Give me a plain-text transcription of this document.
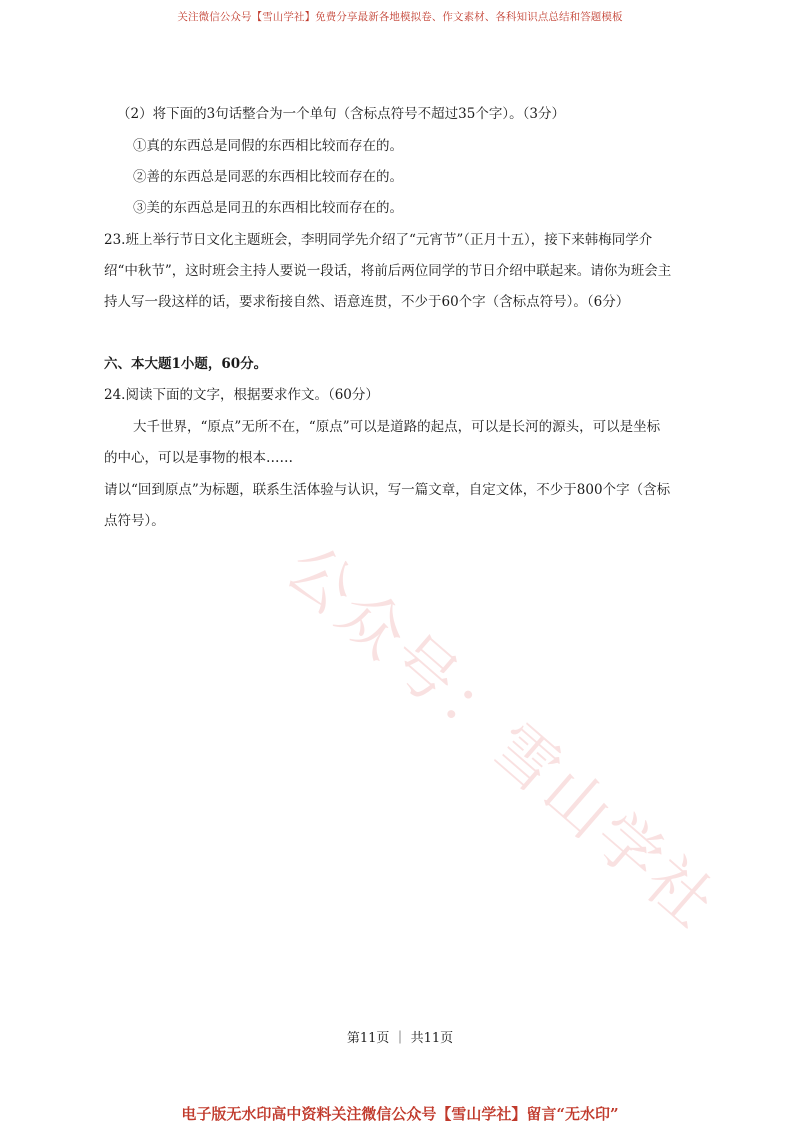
关注微信公众号【雪山学社】免费分享最新各地模拟卷、作文素材、各科知识点总结和答题模板
公众号：雪山学社
（2）将下面的3句话整合为一个单句（含标点符号不超过35个字）。（3分）
①真的东西总是同假的东西相比较而存在的。
②善的东西总是同恶的东西相比较而存在的。
③美的东西总是同丑的东西相比较而存在的。
23.班上举行节日文化主题班会，李明同学先介绍了“元宵节”（正月十五），接下来韩梅同学介
绍“中秋节”，这时班会主持人要说一段话，将前后两位同学的节日介绍中联起来。请你为班会主
持人写一段这样的话，要求衔接自然、语意连贯，不少于60个字（含标点符号）。（6分）
六、本大题1小题，60分。
24.阅读下面的文字，根据要求作文。（60分）
大千世界，“原点”无所不在，“原点”可以是道路的起点，可以是长河的源头，可以是坐标
的中心，可以是事物的根本……
请以“回到原点”为标题，联系生活体验与认识，写一篇文章，自定文体，不少于800个字（含标
点符号）。
第11页 ｜ 共11页
电子版无水印高中资料关注微信公众号【雪山学社】留言“无水印”
